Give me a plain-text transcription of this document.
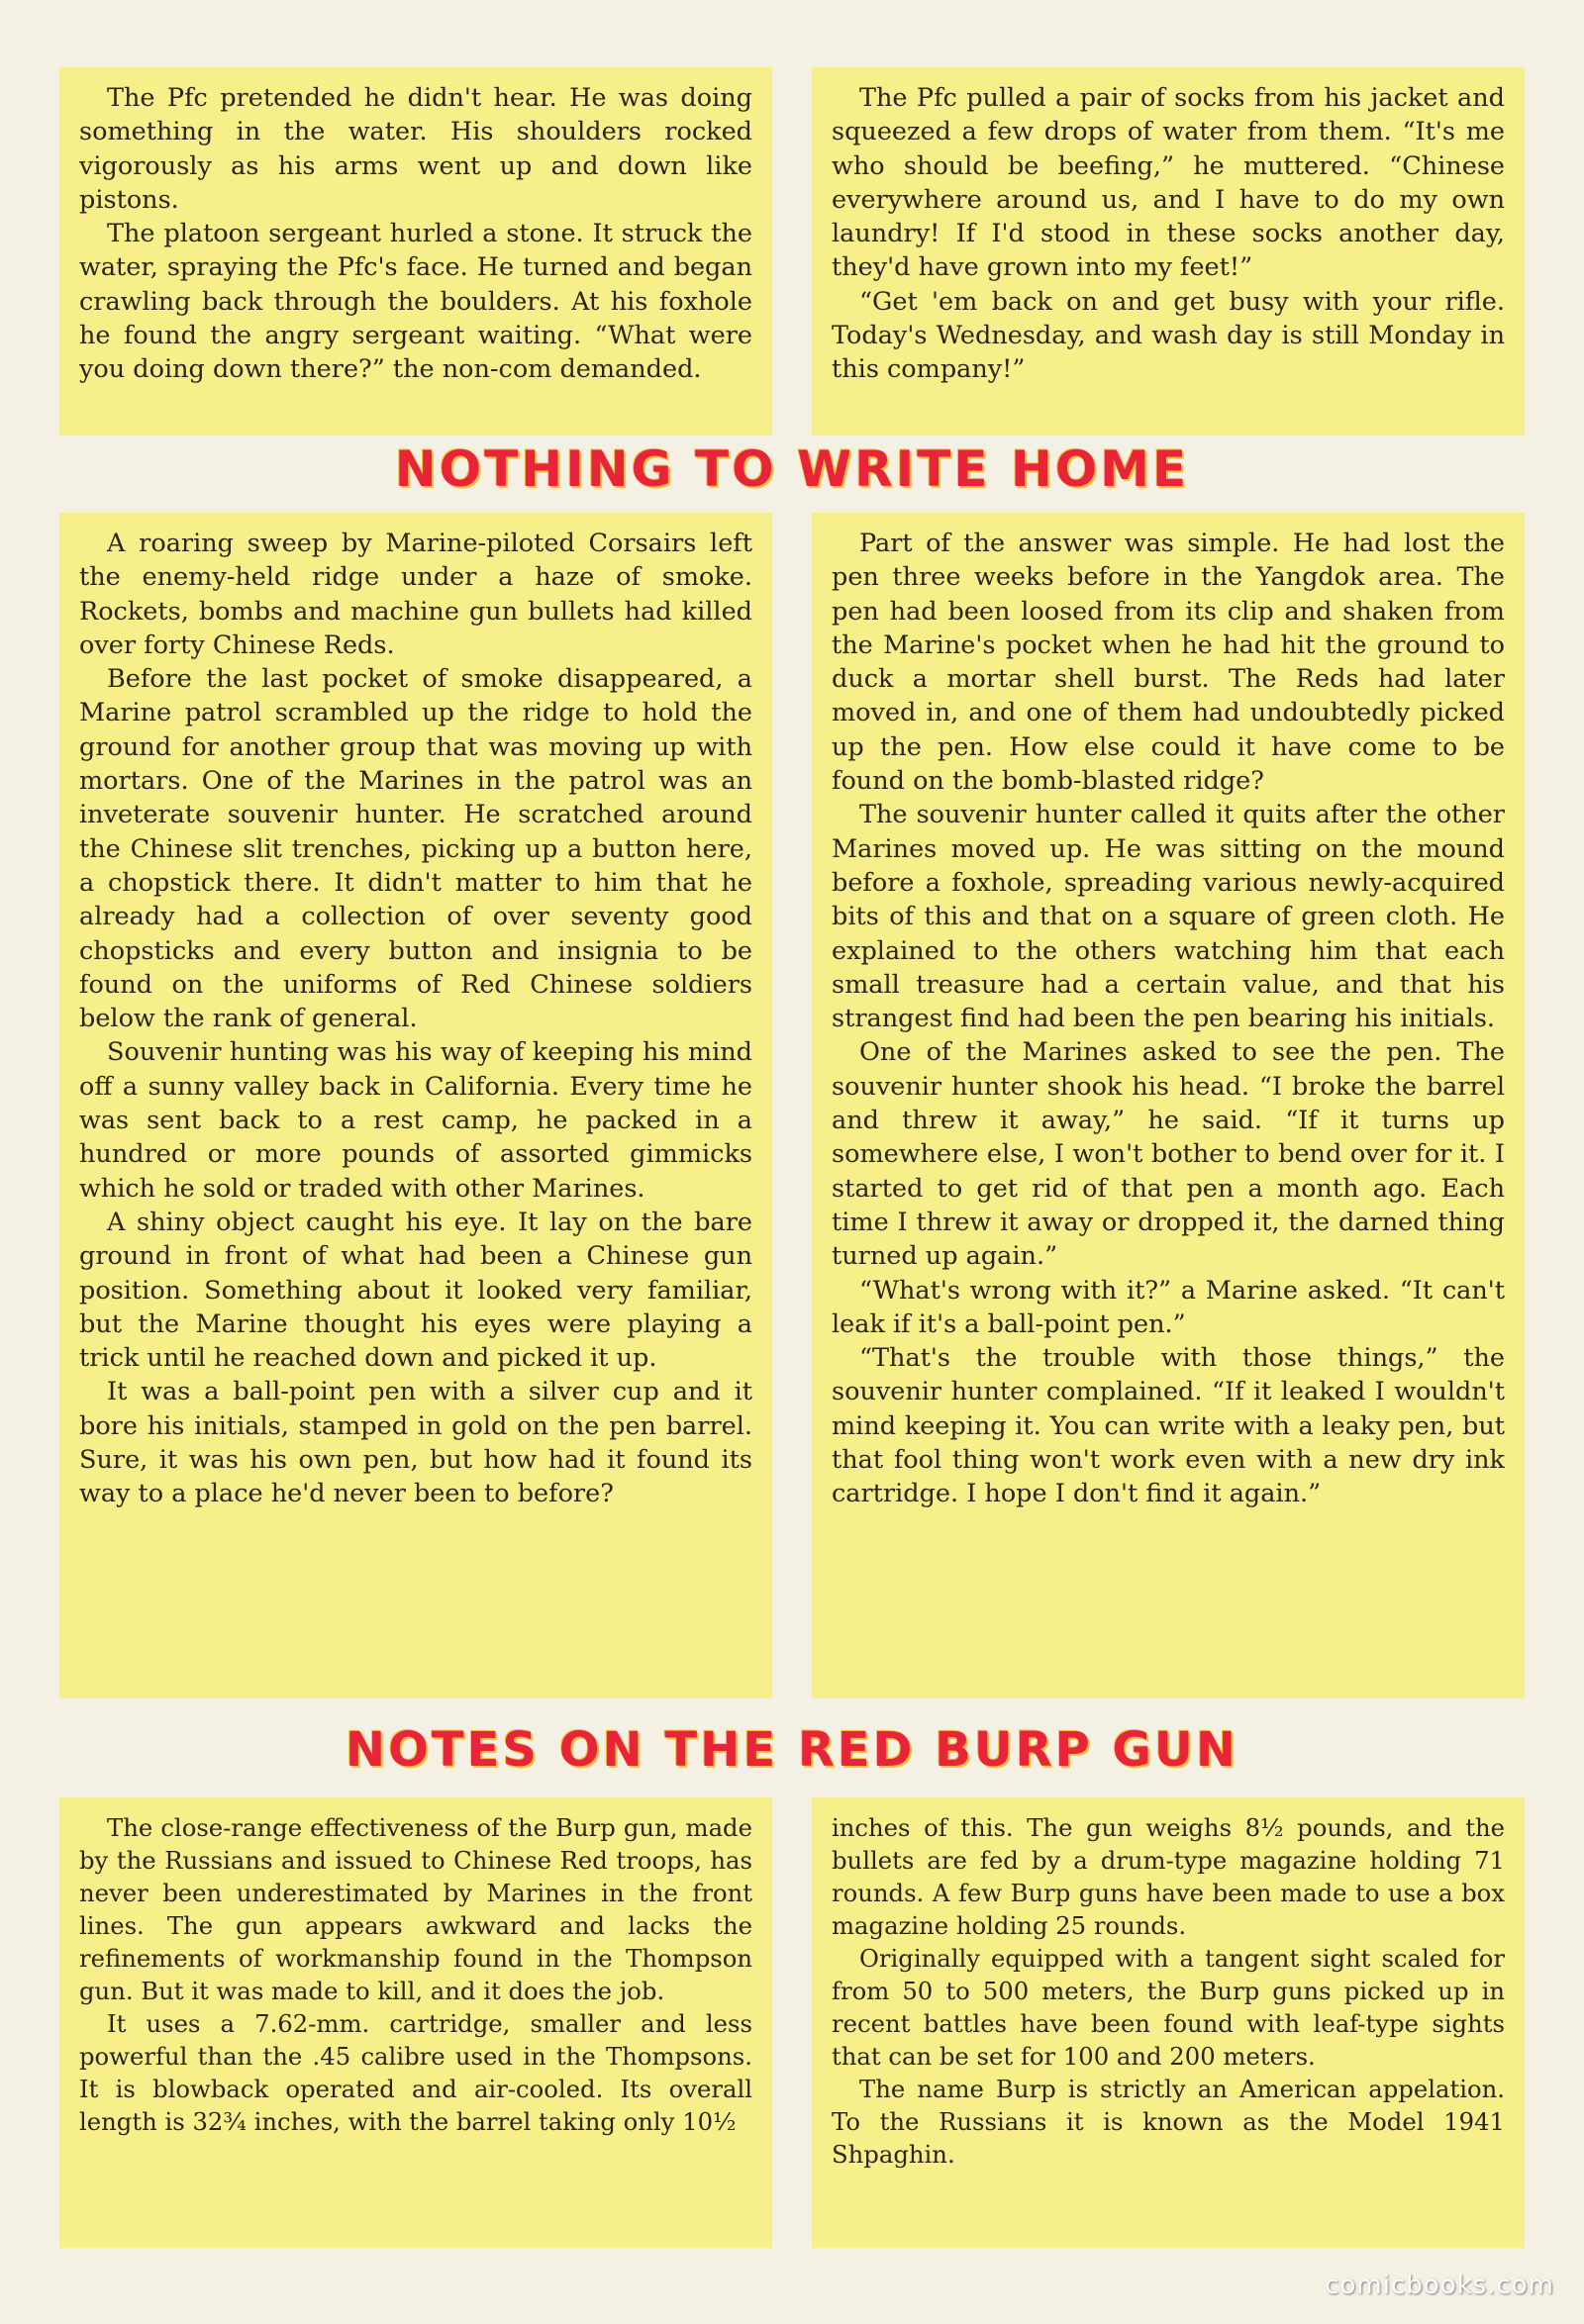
The Pfc pretended he didn't hear. He was doing something in the water. His shoulders rocked vigorously as his arms went up and down like pistons.

The platoon sergeant hurled a stone. It struck the water, spraying the Pfc's face. He turned and began crawling back through the boulders. At his foxhole he found the angry sergeant waiting. “What were you doing down there?” the non-com demanded.

The Pfc pulled a pair of socks from his jacket and squeezed a few drops of water from them. “It's me who should be beefing,” he muttered. “Chinese everywhere around us, and I have to do my own laundry! If I'd stood in these socks another day, they'd have grown into my feet!”

“Get 'em back on and get busy with your rifle. Today's Wednesday, and wash day is still Monday in this company!”

NOTHING TO WRITE HOME

A roaring sweep by Marine-piloted Corsairs left the enemy-held ridge under a haze of smoke. Rockets, bombs and machine gun bullets had killed over forty Chinese Reds.

Before the last pocket of smoke disappeared, a Marine patrol scrambled up the ridge to hold the ground for another group that was moving up with mortars. One of the Marines in the patrol was an inveterate souvenir hunter. He scratched around the Chinese slit trenches, picking up a button here, a chopstick there. It didn't matter to him that he already had a collection of over seventy good chopsticks and every button and insignia to be found on the uniforms of Red Chinese soldiers below the rank of general.

Souvenir hunting was his way of keeping his mind off a sunny valley back in California. Every time he was sent back to a rest camp, he packed in a hundred or more pounds of assorted gimmicks which he sold or traded with other Marines.

A shiny object caught his eye. It lay on the bare ground in front of what had been a Chinese gun position. Something about it looked very familiar, but the Marine thought his eyes were playing a trick until he reached down and picked it up.

It was a ball-point pen with a silver cup and it bore his initials, stamped in gold on the pen barrel. Sure, it was his own pen, but how had it found its way to a place he'd never been to before?

Part of the answer was simple. He had lost the pen three weeks before in the Yangdok area. The pen had been loosed from its clip and shaken from the Marine's pocket when he had hit the ground to duck a mortar shell burst. The Reds had later moved in, and one of them had undoubtedly picked up the pen. How else could it have come to be found on the bomb-blasted ridge?

The souvenir hunter called it quits after the other Marines moved up. He was sitting on the mound before a foxhole, spreading various newly-acquired bits of this and that on a square of green cloth. He explained to the others watching him that each small treasure had a certain value, and that his strangest find had been the pen bearing his initials.

One of the Marines asked to see the pen. The souvenir hunter shook his head. “I broke the barrel and threw it away,” he said. “If it turns up somewhere else, I won't bother to bend over for it. I started to get rid of that pen a month ago. Each time I threw it away or dropped it, the darned thing turned up again.”

“What's wrong with it?” a Marine asked. “It can't leak if it's a ball-point pen.”

“That's the trouble with those things,” the souvenir hunter complained. “If it leaked I wouldn't mind keeping it. You can write with a leaky pen, but that fool thing won't work even with a new dry ink cartridge. I hope I don't find it again.”

NOTES ON THE RED BURP GUN

The close-range effectiveness of the Burp gun, made by the Russians and issued to Chinese Red troops, has never been underestimated by Marines in the front lines. The gun appears awkward and lacks the refinements of workmanship found in the Thompson gun. But it was made to kill, and it does the job.

It uses a 7.62-mm. cartridge, smaller and less powerful than the .45 calibre used in the Thompsons. It is blowback operated and air-cooled. Its overall length is 32¾ inches, with the barrel taking only 10½

inches of this. The gun weighs 8½ pounds, and the bullets are fed by a drum-type magazine holding 71 rounds. A few Burp guns have been made to use a box magazine holding 25 rounds.

Originally equipped with a tangent sight scaled for from 50 to 500 meters, the Burp guns picked up in recent battles have been found with leaf-type sights that can be set for 100 and 200 meters.

The name Burp is strictly an American appelation. To the Russians it is known as the Model 1941 Shpaghin.

comicbooks.com
